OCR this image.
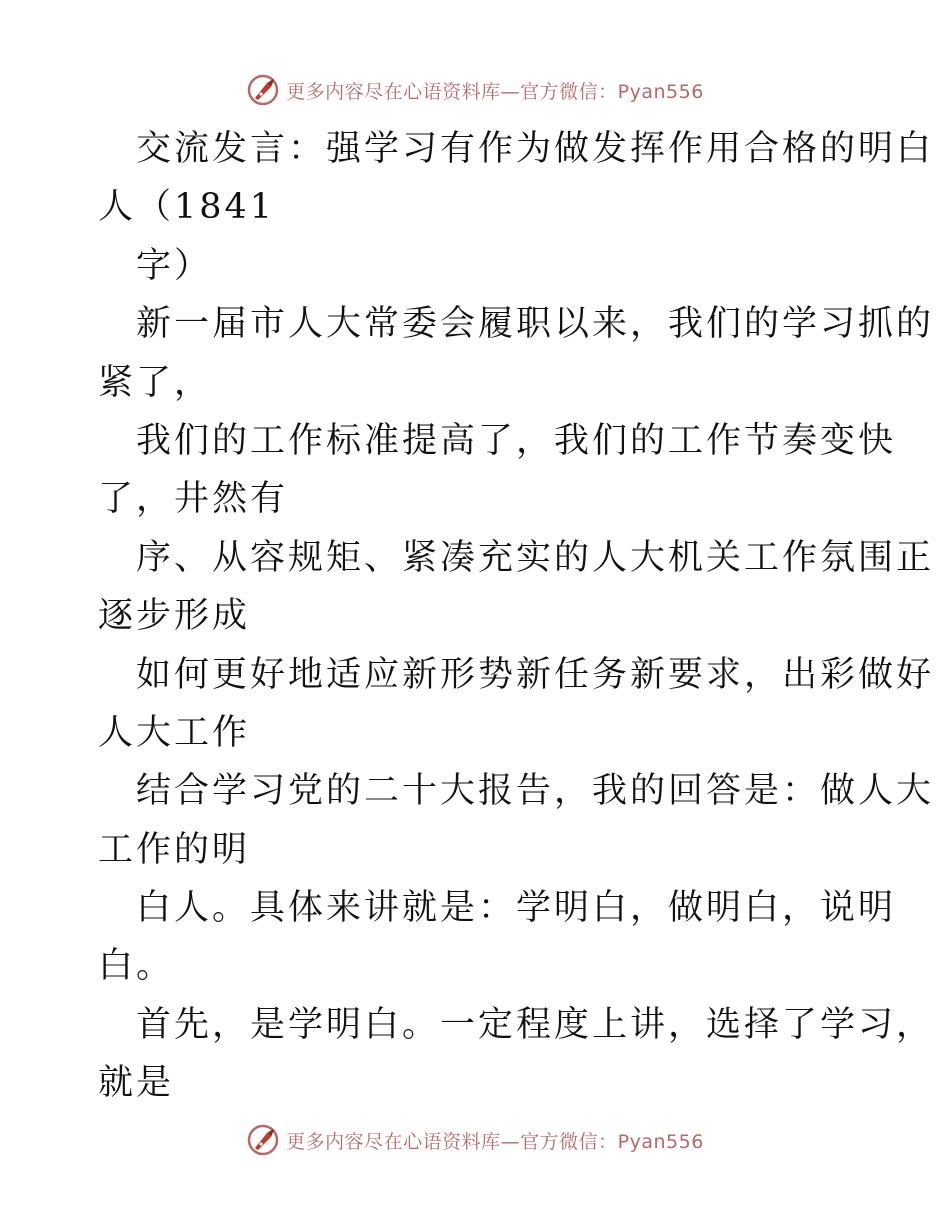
更多内容尽在心语资料库—官方微信：Pyan556
交流发言：强学习有作为做发挥作用合格的明白
人（1841
字）
新一届市人大常委会履职以来，我们的学习抓的
紧了，
我们的工作标准提高了，我们的工作节奏变快
了，井然有
序、从容规矩、紧凑充实的人大机关工作氛围正
逐步形成
如何更好地适应新形势新任务新要求，出彩做好
人大工作
结合学习党的二十大报告，我的回答是：做人大
工作的明
白人。具体来讲就是：学明白，做明白，说明
白。
首先，是学明白。一定程度上讲，选择了学习，
就是
更多内容尽在心语资料库—官方微信：Pyan556
